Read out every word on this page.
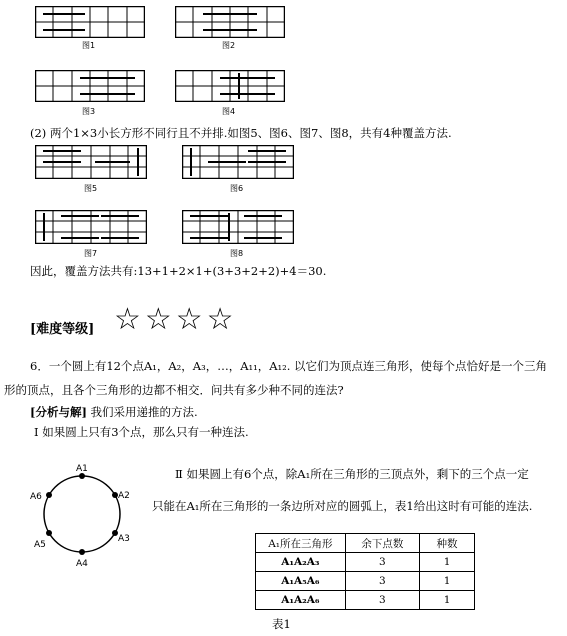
图1	图2
图3	图4
(2) 两个1×3小长方形不同行且不并排.如图5、图6、图7、图8，共有4种覆盖方法.
图5	图6
图7	图8
因此，覆盖方法共有:13+1+2×1+(3+3+2+2)+4＝30.
[难度等级] ☆☆☆☆
6．一个圆上有12个点A₁，A₂，A₃，…，A₁₁，A₁₂. 以它们为顶点连三角形，使每个点恰好是一个三角
形的顶点，且各个三角形的边都不相交．问共有多少种不同的连法?
[分析与解] 我们采用递推的方法.
Ⅰ 如果圆上只有3个点，那么只有一种连法.
A1
A2
A3
A4
A5
A6
Ⅱ 如果圆上有6个点，除A₁所在三角形的三顶点外，剩下的三个点一定
只能在A₁所在三角形的一条边所对应的圆弧上，表1给出这时有可能的连法.
A₁所在三角形	余下点数	种数
A₁A₂A₃	3	1
A₁A₅A₆	3	1
A₁A₂A₆	3	1
表1
